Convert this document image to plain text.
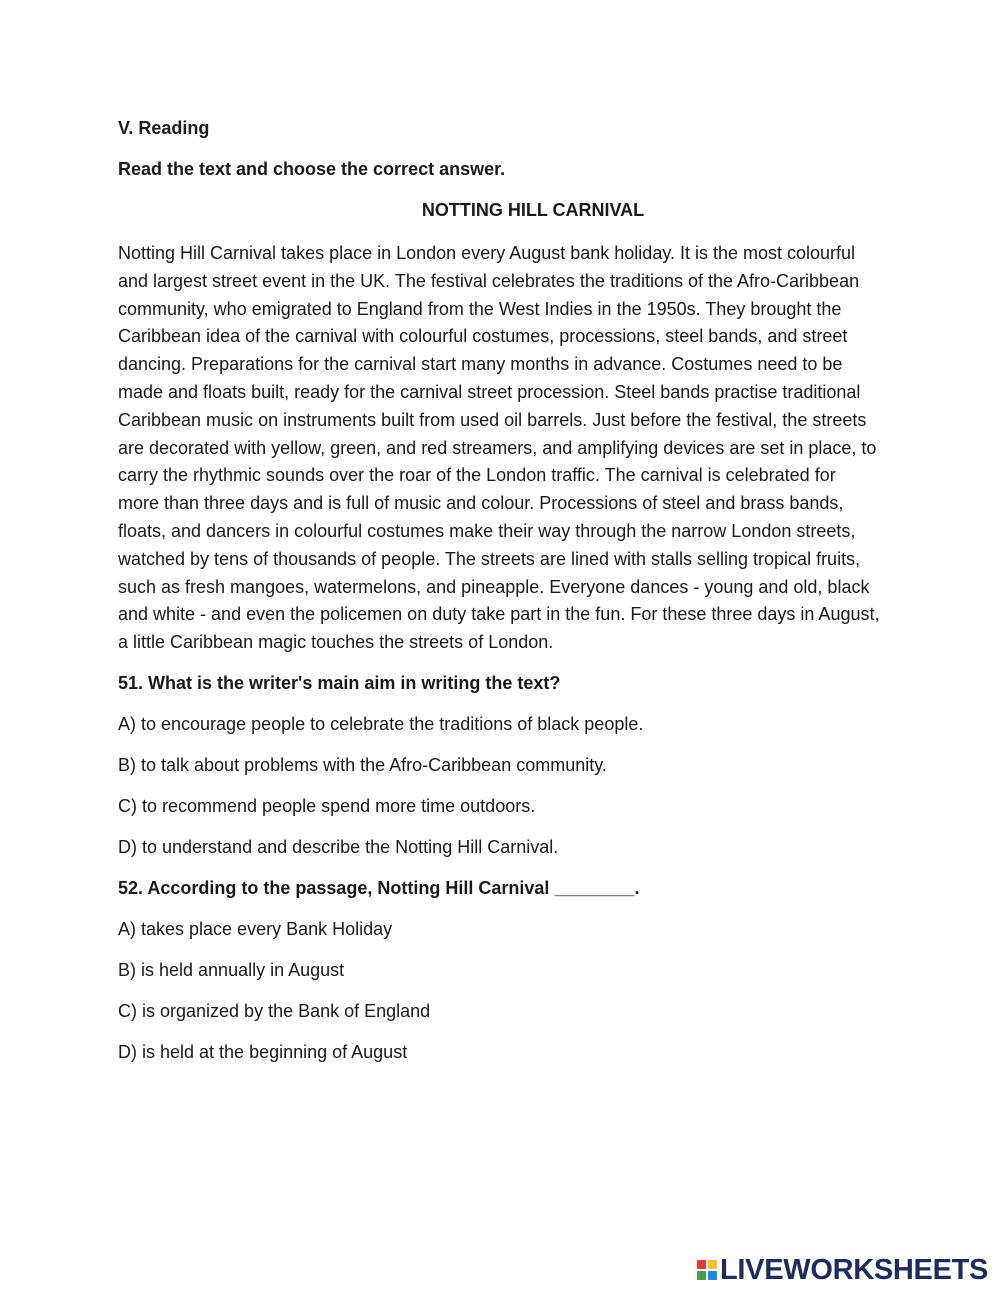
V. Reading
Read the text and choose the correct answer.
NOTTING HILL CARNIVAL
Notting Hill Carnival takes place in London every August bank holiday. It is the most colourful
and largest street event in the UK. The festival celebrates the traditions of the Afro-Caribbean
community, who emigrated to England from the West Indies in the 1950s. They brought the
Caribbean idea of the carnival with colourful costumes, processions, steel bands, and street
dancing. Preparations for the carnival start many months in advance. Costumes need to be
made and floats built, ready for the carnival street procession. Steel bands practise traditional
Caribbean music on instruments built from used oil barrels. Just before the festival, the streets
are decorated with yellow, green, and red streamers, and amplifying devices are set in place, to
carry the rhythmic sounds over the roar of the London traffic. The carnival is celebrated for
more than three days and is full of music and colour. Processions of steel and brass bands,
floats, and dancers in colourful costumes make their way through the narrow London streets,
watched by tens of thousands of people. The streets are lined with stalls selling tropical fruits,
such as fresh mangoes, watermelons, and pineapple. Everyone dances - young and old, black
and white - and even the policemen on duty take part in the fun. For these three days in August,
a little Caribbean magic touches the streets of London.
51. What is the writer's main aim in writing the text?
A) to encourage people to celebrate the traditions of black people.
B) to talk about problems with the Afro-Caribbean community.
C) to recommend people spend more time outdoors.
D) to understand and describe the Notting Hill Carnival.
52. According to the passage, Notting Hill Carnival ________.
A) takes place every Bank Holiday
B) is held annually in August
C) is organized by the Bank of England
D) is held at the beginning of August
LIVEWORKSHEETS
